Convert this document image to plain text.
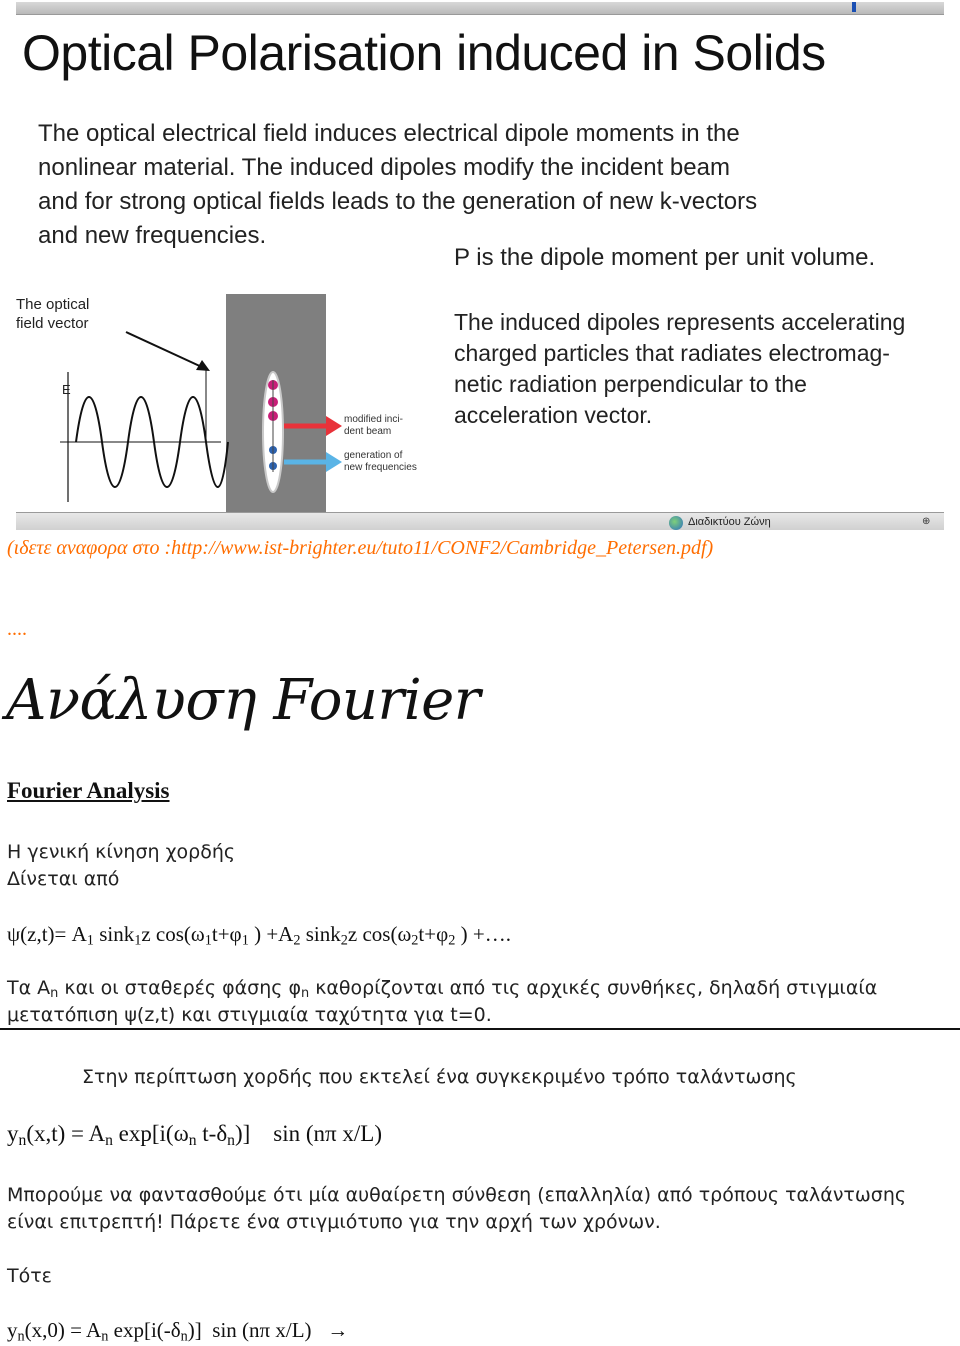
Optical Polarisation induced in Solids
The optical electrical field induces electrical dipole moments in the
nonlinear material. The induced dipoles modify the incident beam
and for strong optical fields leads to the generation of new k-vectors
and new frequencies.
P is the dipole moment per unit volume.
The induced dipoles represents accelerating
charged particles that radiates electromag-
netic radiation perpendicular to the
acceleration vector.
The optical
field vector
E
modified inci-
dent beam
generation of
new frequencies
Διαδικτύου Ζώνη	⊕
(ιδετε αναφορα στο :http://www.ist-brighter.eu/tuto11/CONF2/Cambridge_Petersen.pdf)
....
Ανάλυση Fourier
Fourier Analysis
Η γενική κίνηση χορδής
Δίνεται από
$\psi(z,t)= A_1$ sink$_1$z $\cos(\omega_1t+\varphi_1$ ) $+A_2$ sink$_2$z $\cos(\omega_2t+\varphi_2$ ) +….
Τα $A_n$ και οι σταθερές φάσης $\varphi_n$ καθορίζονται από τις αρχικές συνθήκες, δηλαδή στιγμιαία
μετατόπιση ψ(z,t) και στιγμιαία ταχύτητα για t=0.
Στην περίπτωση χορδής που εκτελεί ένα συγκεκριμένο τρόπο ταλάντωσης
$y_n(x,t) = A_n$ $\exp[i(\omega_n$ $t-\delta_n$)]    sin (nπ x/L)
Μπορούμε να φαντασθούμε ότι μία αυθαίρετη σύνθεση (επαλληλία) από τρόπους ταλάντωσης
είναι επιτρεπτή! Πάρετε ένα στιγμιότυπο για την αρχή των χρόνων.
Τότε
$y_n(x,0) = A_n$ $\exp[i(-\delta_n)]$  sin (nπ x/L)   →
